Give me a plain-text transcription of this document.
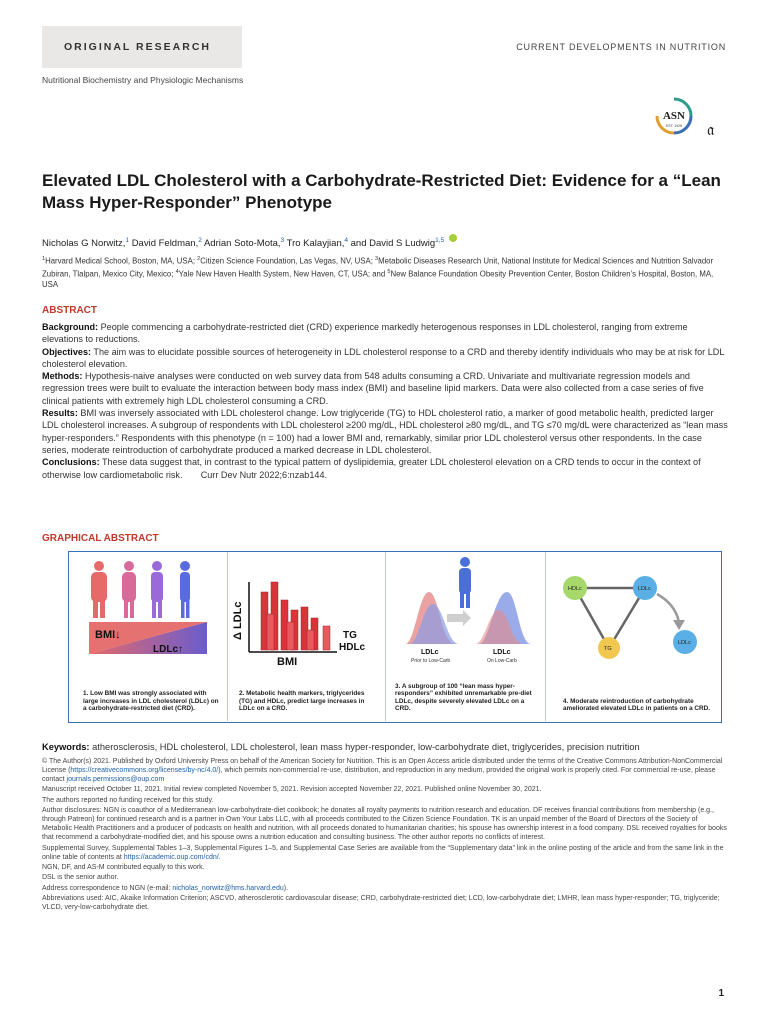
ORIGINAL RESEARCH	CURRENT DEVELOPMENTS IN NUTRITION
Nutritional Biochemistry and Physiologic Mechanisms
ASN
EST. 1928 𝔞
Elevated LDL Cholesterol with a Carbohydrate-Restricted Diet: Evidence for a “Lean Mass Hyper-Responder” Phenotype
Nicholas G Norwitz,$^1$ David Feldman,$^2$ Adrian Soto-Mota,$^3$ Tro Kalayjian,$^4$ and David S Ludwig$^{1,5}$
$^1$Harvard Medical School, Boston, MA, USA; $^2$Citizen Science Foundation, Las Vegas, NV, USA; $^3$Metabolic Diseases Research Unit, National Institute for Medical Sciences and Nutrition Salvador Zubiran, Tlalpan, Mexico City, Mexico; $^4$Yale New Haven Health System, New Haven, CT, USA; and $^5$New Balance Foundation Obesity Prevention Center, Boston Children’s Hospital, Boston, MA, USA
ABSTRACT

Background: People commencing a carbohydrate-restricted diet (CRD) experience markedly heterogenous responses in LDL cholesterol, ranging from extreme elevations to reductions.

Objectives: The aim was to elucidate possible sources of heterogeneity in LDL cholesterol response to a CRD and thereby identify individuals who may be at risk for LDL cholesterol elevation.

Methods: Hypothesis-naive analyses were conducted on web survey data from 548 adults consuming a CRD. Univariate and multivariate regression models and regression trees were built to evaluate the interaction between body mass index (BMI) and baseline lipid markers. Data were also collected from a case series of five clinical patients with extremely high LDL cholesterol consuming a CRD.

Results: BMI was inversely associated with LDL cholesterol change. Low triglyceride (TG) to HDL cholesterol ratio, a marker of good metabolic health, predicted larger LDL cholesterol increases. A subgroup of respondents with LDL cholesterol ≥200 mg/dL, HDL cholesterol ≥80 mg/dL, and TG ≤70 mg/dL were characterized as “lean mass hyper-responders.” Respondents with this phenotype (n = 100) had a lower BMI and, remarkably, similar prior LDL cholesterol versus other respondents. In the case series, moderate reintroduction of carbohydrate produced a marked decrease in LDL cholesterol.

Conclusions: These data suggest that, in contrast to the typical pattern of dyslipidemia, greater LDL cholesterol elevation on a CRD tends to occur in the context of otherwise low cardiometabolic risk.  Curr Dev Nutr 2022;6:nzab144.

GRAPHICAL ABSTRACT
BMI↓
LDLc↑
1. Low BMI was strongly associated with large increases in LDL cholesterol (LDLc) on a carbohydrate-restricted diet (CRD).
Δ LDLc	TG
HDLc
BMI
2. Metabolic health markers, triglycerides (TG) and HDLc, predict large increases in LDLc on a CRD.
LDLc
Prior to Low-Carb
LDLc
On Low-Carb
3. A subgroup of 100 “lean mass hyper-responders” exhibited unremarkable pre-diet LDLc, despite severely elevated LDLc on a CRD.
HDLc	LDLc
TG
LDLc
4. Moderate reintroduction of carbohydrate ameliorated elevated LDLc in patients on a CRD.
Keywords: atherosclerosis, HDL cholesterol, LDL cholesterol, lean mass hyper-responder, low-carbohydrate diet, triglycerides, precision nutrition

© The Author(s) 2021. Published by Oxford University Press on behalf of the American Society for Nutrition. This is an Open Access article distributed under the terms of the Creative Commons Attribution-NonCommercial License (https://creativecommons.org/licenses/by-nc/4.0/), which permits non-commercial re-use, distribution, and reproduction in any medium, provided the original work is properly cited. For commercial re-use, please contact journals.permissions@oup.com

Manuscript received October 11, 2021. Initial review completed November 5, 2021. Revision accepted November 22, 2021. Published online November 30, 2021.

The authors reported no funding received for this study.

Author disclosures: NGN is coauthor of a Mediterranean low-carbohydrate-diet cookbook; he donates all royalty payments to nutrition research and education. DF receives financial contributions from membership (e.g., through Patreon) for continued research and is a partner in Own Your Labs LLC, with all proceeds contributed to the Citizen Science Foundation. TK is an unpaid member of the Board of Directors of the Society of Metabolic Health Practitioners and a producer of podcasts on health and nutrition, with all proceeds donated to humanitarian charities; his spouse has ownership interest in a food company. DSL received royalties for books that recommend a carbohydrate-modified diet, and his spouse owns a nutrition education and consulting business. The other author reports no conflicts of interest.

Supplemental Survey, Supplemental Tables 1–3, Supplemental Figures 1–5, and Supplemental Case Series are available from the “Supplementary data” link in the online posting of the article and from the same link in the online table of contents at https://academic.oup.com/cdn/.

NGN, DF, and AS-M contributed equally to this work.

DSL is the senior author.

Address correspondence to NGN (e-mail: nicholas_norwitz@hms.harvard.edu).

Abbreviations used: AIC, Akaike Information Criterion; ASCVD, atherosclerotic cardiovascular disease; CRD, carbohydrate-restricted diet; LCD, low-carbohydrate diet; LMHR, lean mass hyper-responder; TG, triglyceride; VLCD, very-low-carbohydrate diet.

1
